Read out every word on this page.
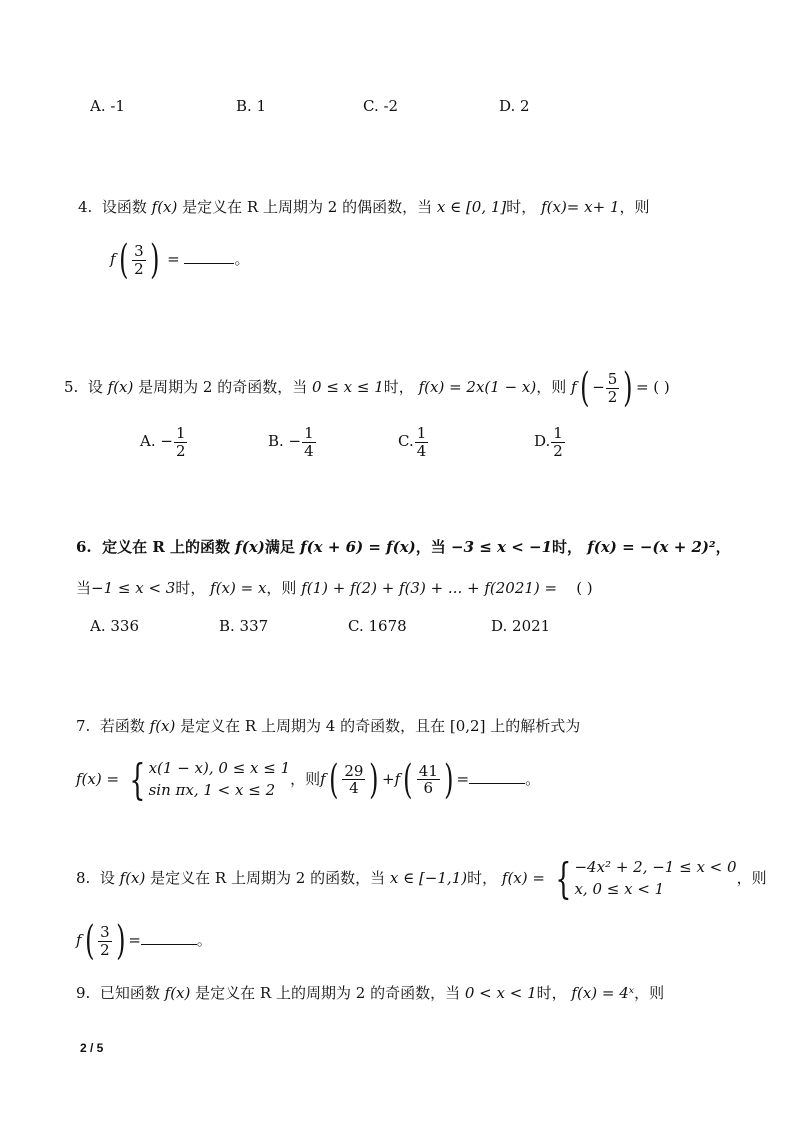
A. -1	B. 1	C. -2	D. 2
4. 设函数 f(x) 是定义在 R 上周期为 2 的偶函数，当 x ∈ [0, 1]时， f(x)= x+ 1，则
$f( \frac{3}{2}$ ) =	。
5. 设 f(x) 是周期为 2 的奇函数，当 0 ≤ x ≤ 1时， f(x) = 2x(1 − x)，则 $f( - \frac{5}{2}$ ) = ( )
A. − $\frac{1}{2}$	B. − $\frac{1}{4}$	C. $\frac{1}{4}$	D. $\frac{1}{2}$
6. 定义在 R 上的函数 f(x)满足 f(x + 6) = f(x)，当 −3 ≤ x < −1时， f(x) = −(x + 2)²，
当−1 ≤ x < 3时， f(x) = x，则 f(1) + f(2) + f(3) + ... + f(2021) = ( )
A. 336	B. 337	C. 1678	D. 2021
7. 若函数 f(x) 是定义在 R 上周期为 4 的奇函数，且在 [0,2] 上的解析式为
f(x) = { x(1 − x), 0 ≤ x ≤ 1
sin πx, 1 < x ≤ 2
，则$f( \frac{29}{4}$ ) $+f( \frac{41}{6}$ ) =	。
8. 设 f(x) 是定义在 R 上周期为 2 的函数，当 x ∈ [−1,1)时， f(x) = { −4x² + 2, −1 ≤ x < 0
x, 0 ≤ x < 1
，则
$f( \frac{3}{2}$ ) =	。
9. 已知函数 f(x) 是定义在 R 上的周期为 2 的奇函数，当 0 < x < 1时， f(x) = 4ˣ，则
2 / 5
